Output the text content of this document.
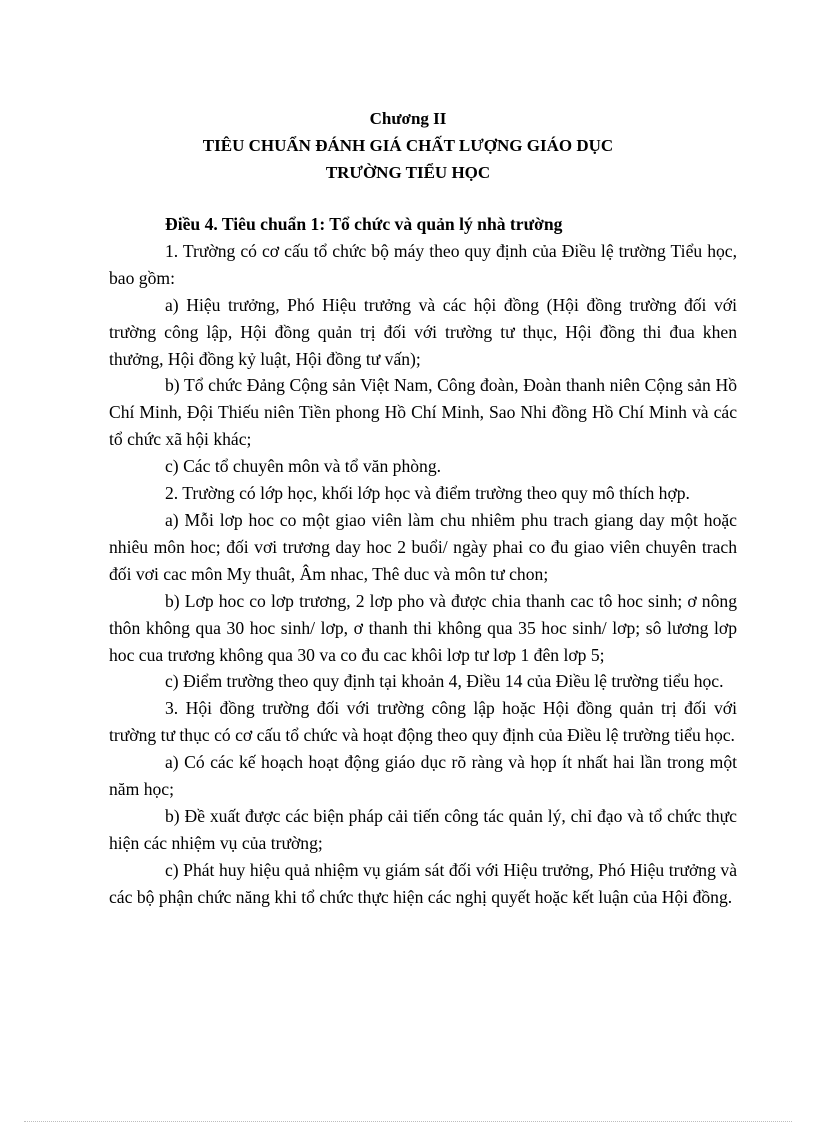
Chương II
TIÊU CHUẨN ĐÁNH GIÁ CHẤT LƯỢNG GIÁO DỤC
TRƯỜNG TIỂU HỌC

Điều 4. Tiêu chuẩn 1: Tổ chức và quản lý nhà trường

1. Trường có cơ cấu tổ chức bộ máy theo quy định của Điều lệ trường Tiểu học, bao gồm:

a) Hiệu trưởng, Phó Hiệu trưởng và các hội đồng (Hội đồng trường đối với trường công lập, Hội đồng quản trị đối với trường tư thục, Hội đồng thi đua khen thưởng, Hội đồng kỷ luật, Hội đồng tư vấn);

b) Tổ chức Đảng Cộng sản Việt Nam, Công đoàn, Đoàn thanh niên Cộng sản Hồ Chí Minh, Đội Thiếu niên Tiền phong Hồ Chí Minh, Sao Nhi đồng Hồ Chí Minh và các tổ chức xã hội khác;

c) Các tổ chuyên môn và tổ văn phòng.

2. Trường có lớp học, khối lớp học và điểm trường theo quy mô thích hợp.

a) Mỗi lơp hoc co một giao viên làm chu nhiêm phu trach giang day một hoặc nhiêu môn hoc; đối vơi trương day hoc 2 buổi/ ngày phai co đu giao viên chuyên trach đối vơi cac môn My thuât, Âm nhac, Thê duc và môn tư chon;

b) Lơp hoc co lơp trương, 2 lơp pho và được chia thanh cac tô hoc sinh; ơ nông thôn không qua 30 hoc sinh/ lơp, ơ thanh thi không qua 35 hoc sinh/ lơp; sô lương lơp hoc cua trương không qua 30 va co đu cac khôi lơp tư lơp 1 đên lơp 5;

c) Điểm trường theo quy định tại khoản 4, Điều 14 của Điều lệ trường tiểu học.

3. Hội đồng trường đối với trường công lập hoặc Hội đồng quản trị đối với trường tư thục có cơ cấu tổ chức và hoạt động theo quy định của Điều lệ trường tiểu học.

a) Có các kế hoạch hoạt động giáo dục rõ ràng và họp ít nhất hai lần trong một năm học;

b) Đề xuất được các biện pháp cải tiến công tác quản lý, chỉ đạo và tổ chức thực hiện các nhiệm vụ của trường;

c) Phát huy hiệu quả nhiệm vụ giám sát đối với Hiệu trưởng, Phó Hiệu trưởng và các bộ phận chức năng khi tổ chức thực hiện các nghị quyết hoặc kết luận của Hội đồng.
